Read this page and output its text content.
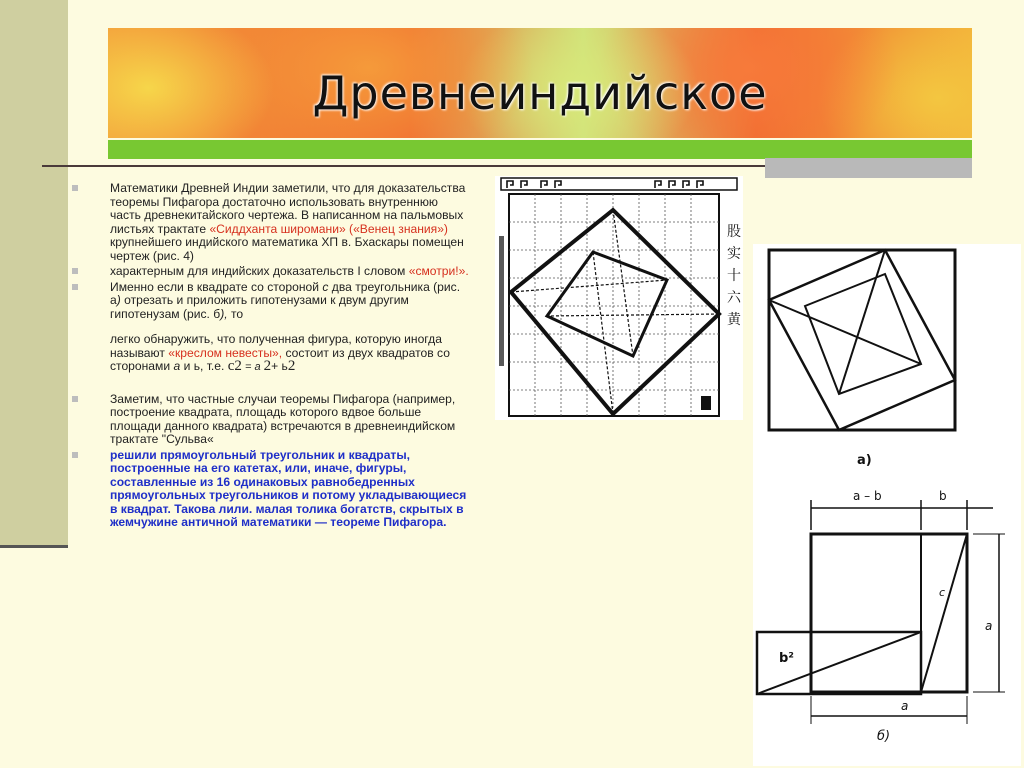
Древнеиндийское

Математики Древней Индии заметили, что для доказательства теоремы Пифагора достаточно использовать внутреннюю часть древнекитайского чертежа. В написанном на пальмовых листьях трактате «Сиддханта широмани» («Венец знания») крупнейшего индийского математика ХП в. Бхаскары помещен чертеж (рис. 4)

характерным для индийских доказательств I словом «смотри!».

Именно если в квадрате со стороной с два треугольника (рис. а) отрезать и приложить гипотенузами к двум другим гипотенузам (рис. б), то

легко обнаружить, что полученная фигура, которую иногда называют «креслом невесты», состоит из двух квадратов со сторонами а и ь, т.е. с2 = а 2+ ь2

Заметим, что частные случаи теоремы Пифагора (например, построение квадрата, площадь которого вдвое больше площади данного квадрата) встречаются в древнеиндийском трактате "Сульва«

решили прямоугольный треугольник и квадраты, построенные на его катетах, или, иначе, фигуры, составленные из 16 одинаковых равнобедренных прямоугольных треугольников и потому укладывающиеся в квадрат. Такова лили. малая толика богатств, скрытых в жемчужине античной математики — теореме Пифагора.

股
实
十
六
黄
а)
a – b	b
c
b²
a
a
б)
